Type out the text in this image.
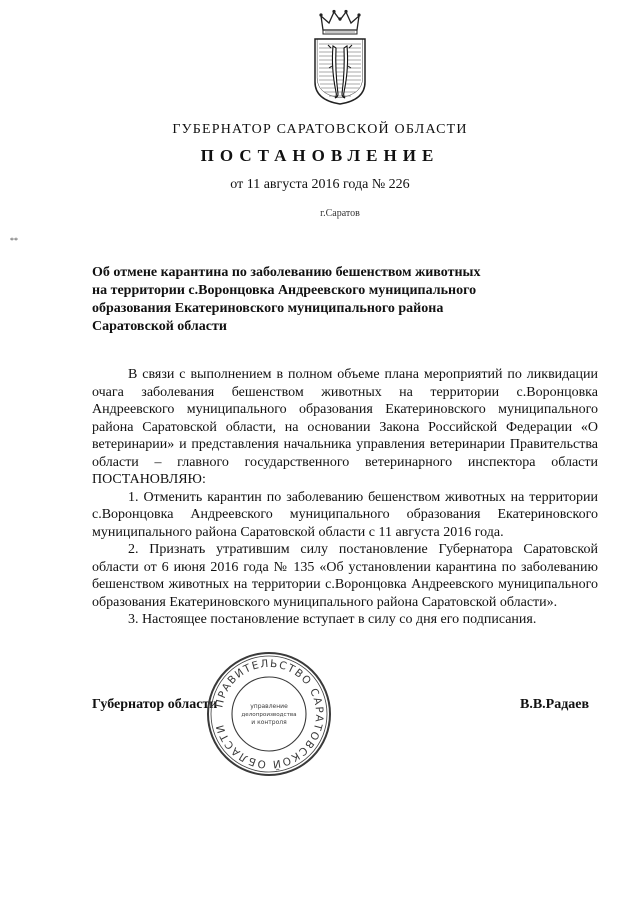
ГУБЕРНАТОР САРАТОВСКОЙ ОБЛАСТИ
ПОСТАНОВЛЕНИЕ
от 11 августа 2016 года № 226
г.Саратов
**
Об отмене карантина по заболеванию бешенством животных
на территории с.Воронцовка Андреевского муниципального
образования Екатериновского муниципального района
Саратовской области

В связи с выполнением в полном объеме плана мероприятий по ликвидации очага заболевания бешенством животных на территории с.Воронцовка Андреевского муниципального образования Екатериновского муниципального района Саратовской области, на основании Закона Российской Федерации «О ветеринарии» и представления начальника управления ветеринарии Правительства области – главного государственного ветеринарного инспектора области ПОСТАНОВЛЯЮ:

1. Отменить карантин по заболеванию бешенством животных на территории с.Воронцовка Андреевского муниципального образования Екатериновского муниципального района Саратовской области с 11 августа 2016 года.

2. Признать утратившим силу постановление Губернатора Саратовской области от 6 июня 2016 года № 135 «Об установлении карантина по заболеванию бешенством животных на территории с.Воронцовка Андреевского муниципального образования Екатериновского муниципального района Саратовской области».

3. Настоящее постановление вступает в силу со дня его подписания.

Губернатор области	В.В.Радаев
ПРАВИТЕЛЬСТВО САРАТОВСКОЙ ОБЛАСТИ
управление
делопроизводства
и контроля
